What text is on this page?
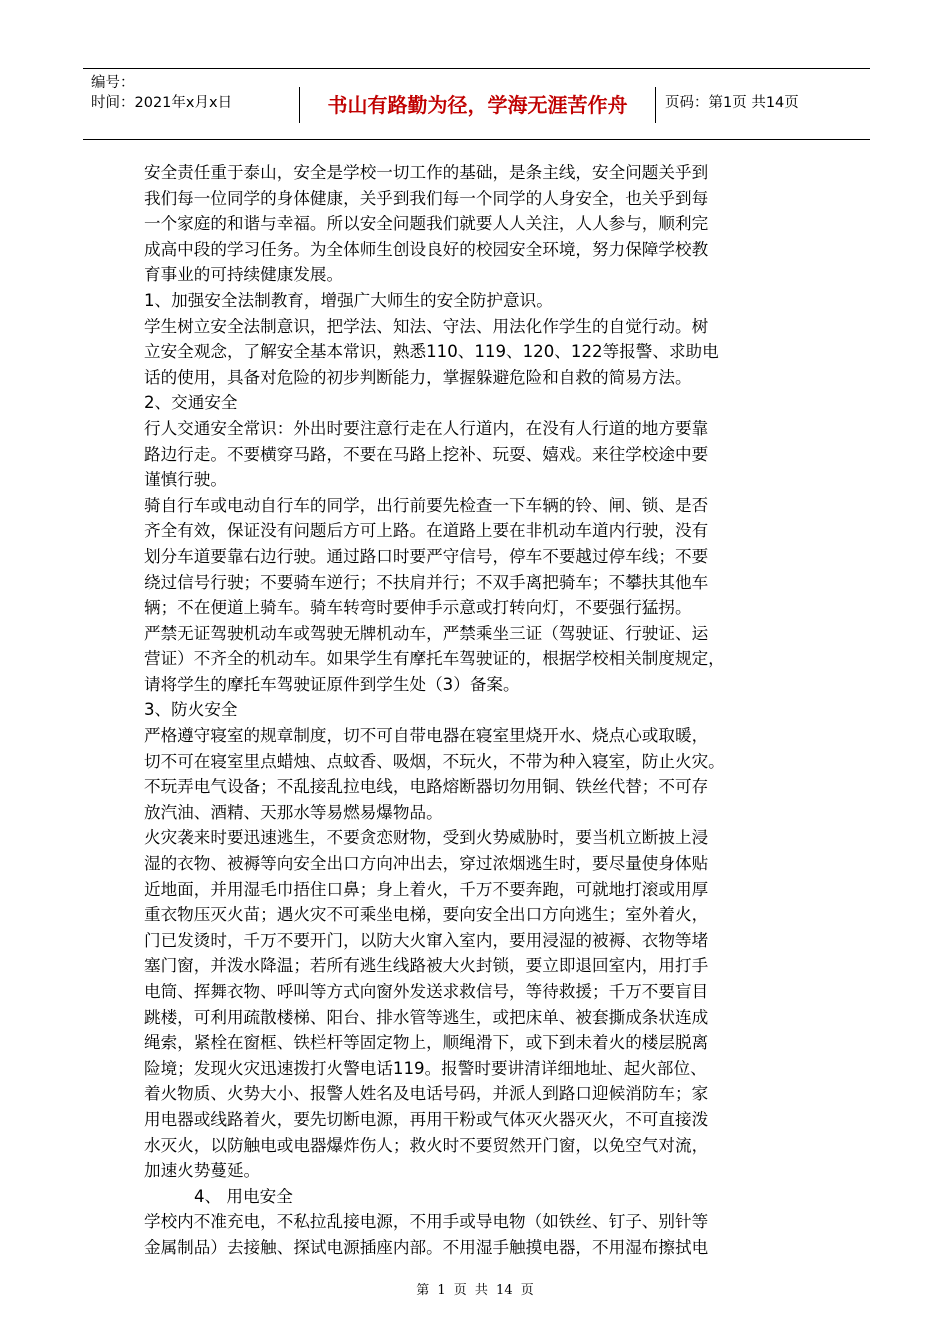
编号：
时间：2021年x月x日	书山有路勤为径，学海无涯苦作舟	页码：第1页 共14页

安全责任重于泰山，安全是学校一切工作的基础，是条主线，安全问题关乎到

我们每一位同学的身体健康，关乎到我们每一个同学的人身安全，也关乎到每

一个家庭的和谐与幸福。所以安全问题我们就要人人关注，人人参与，顺利完

成高中段的学习任务。为全体师生创设良好的校园安全环境，努力保障学校教

育事业的可持续健康发展。

1、加强安全法制教育，增强广大师生的安全防护意识。

学生树立安全法制意识，把学法、知法、守法、用法化作学生的自觉行动。树

立安全观念，了解安全基本常识，熟悉110、119、120、122等报警、求助电

话的使用，具备对危险的初步判断能力，掌握躲避危险和自救的简易方法。

2、交通安全

行人交通安全常识：外出时要注意行走在人行道内，在没有人行道的地方要靠

路边行走。不要横穿马路，不要在马路上挖补、玩耍、嬉戏。来往学校途中要

谨慎行驶。

骑自行车或电动自行车的同学，出行前要先检查一下车辆的铃、闸、锁、是否

齐全有效，保证没有问题后方可上路。在道路上要在非机动车道内行驶，没有

划分车道要靠右边行驶。通过路口时要严守信号，停车不要越过停车线；不要

绕过信号行驶；不要骑车逆行；不扶肩并行；不双手离把骑车；不攀扶其他车

辆；不在便道上骑车。骑车转弯时要伸手示意或打转向灯，不要强行猛拐。

严禁无证驾驶机动车或驾驶无牌机动车，严禁乘坐三证（驾驶证、行驶证、运

营证）不齐全的机动车。如果学生有摩托车驾驶证的，根据学校相关制度规定，

请将学生的摩托车驾驶证原件到学生处（3）备案。

3、防火安全

严格遵守寝室的规章制度，切不可自带电器在寝室里烧开水、烧点心或取暖，

切不可在寝室里点蜡烛、点蚊香、吸烟，不玩火，不带为种入寝室，防止火灾。

不玩弄电气设备；不乱接乱拉电线，电路熔断器切勿用铜、铁丝代替；不可存

放汽油、酒精、天那水等易燃易爆物品。

火灾袭来时要迅速逃生，不要贪恋财物，受到火势威胁时，要当机立断披上浸

湿的衣物、被褥等向安全出口方向冲出去，穿过浓烟逃生时，要尽量使身体贴

近地面，并用湿毛巾捂住口鼻；身上着火，千万不要奔跑，可就地打滚或用厚

重衣物压灭火苗；遇火灾不可乘坐电梯，要向安全出口方向逃生；室外着火，

门已发烫时，千万不要开门，以防大火窜入室内，要用浸湿的被褥、衣物等堵

塞门窗，并泼水降温；若所有逃生线路被大火封锁，要立即退回室内，用打手

电筒、挥舞衣物、呼叫等方式向窗外发送求救信号，等待救援；千万不要盲目

跳楼，可利用疏散楼梯、阳台、排水管等逃生，或把床单、被套撕成条状连成

绳索，紧栓在窗框、铁栏杆等固定物上，顺绳滑下，或下到未着火的楼层脱离

险境；发现火灾迅速拨打火警电话119。报警时要讲清详细地址、起火部位、

着火物质、火势大小、报警人姓名及电话号码，并派人到路口迎候消防车；家

用电器或线路着火，要先切断电源，再用干粉或气体灭火器灭火，不可直接泼

水灭火，以防触电或电器爆炸伤人；救火时不要贸然开门窗，以免空气对流，

加速火势蔓延。

4、 用电安全

学校内不准充电，不私拉乱接电源，不用手或导电物（如铁丝、钉子、别针等

金属制品）去接触、探试电源插座内部。不用湿手触摸电器，不用湿布擦拭电

第 1 页 共 14 页
